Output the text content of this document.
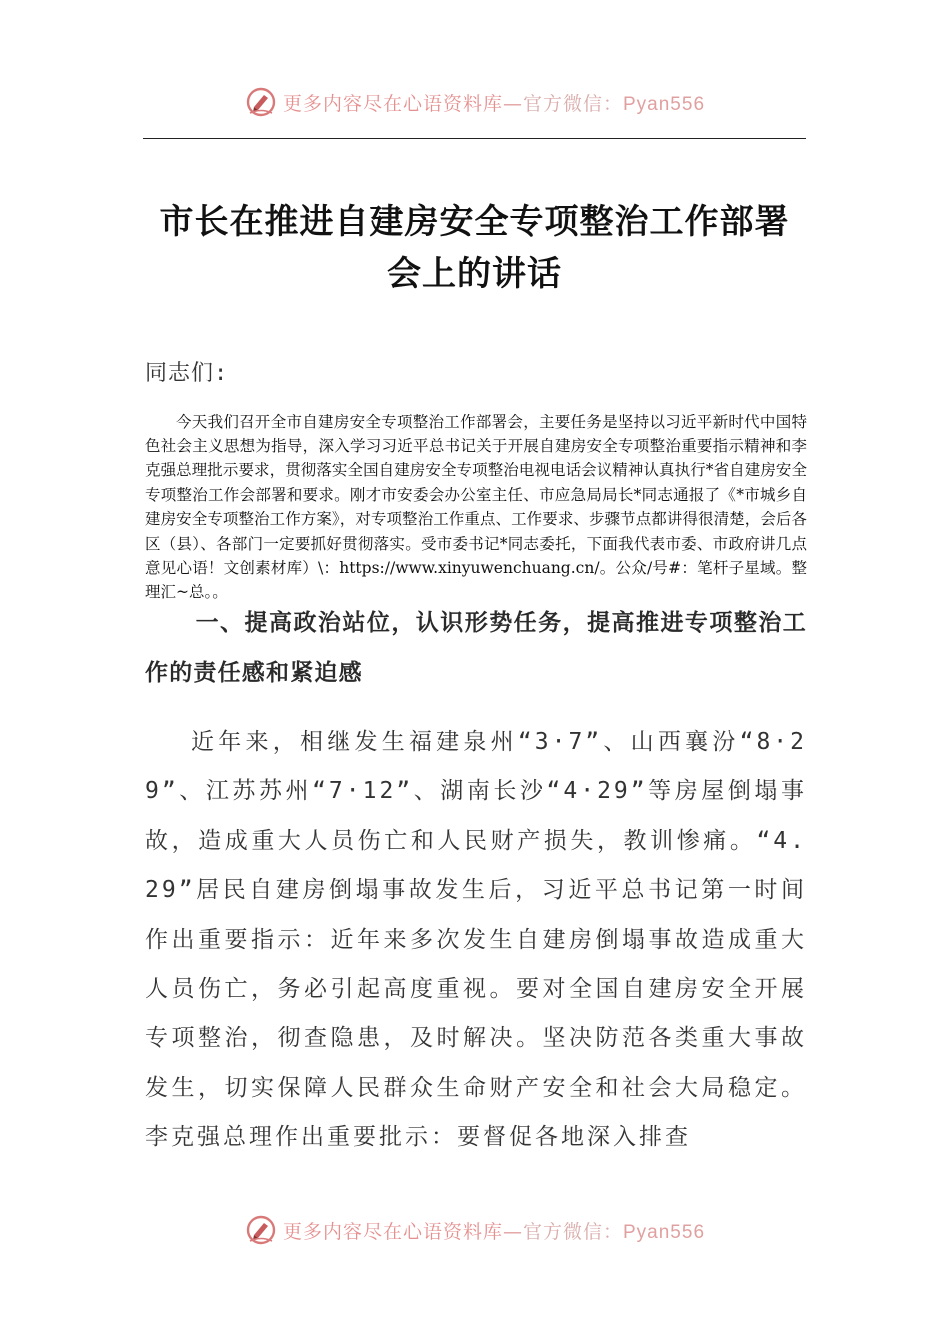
更多内容尽在心语资料库—官方微信：Pyan556
市长在推进自建房安全专项整治工作部署
会上的讲话
同志们:

今天我们召开全市自建房安全专项整治工作部署会，主要任务是坚持以习近平新时代中国特色社会主义思想为指导，深入学习习近平总书记关于开展自建房安全专项整治重要指示精神和李克强总理批示要求，贯彻落实全国自建房安全专项整治电视电话会议精神认真执行*省自建房安全专项整治工作会部署和要求。刚才市安委会办公室主任、市应急局局长*同志通报了《*市城乡自建房安全专项整治工作方案》，对专项整治工作重点、工作要求、步骤节点都讲得很清楚，会后各区（县）、各部门一定要抓好贯彻落实。受市委书记*同志委托，下面我代表市委、市政府讲几点意见心语！文创素材库）\：https://www.xinyuwenchuang.cn/。公众/号#：笔杆子星域。整理汇~总。。

一、提高政治站位，认识形势任务，提高推进专项整治工作的责任感和紧迫感

近年来，相继发生福建泉州“3·7”、山西襄汾“8·29”、江苏苏州“7·12”、湖南长沙“4·29”等房屋倒塌事故，造成重大人员伤亡和人民财产损失，教训惨痛。“4.29”居民自建房倒塌事故发生后，习近平总书记第一时间作出重要指示：近年来多次发生自建房倒塌事故造成重大人员伤亡，务必引起高度重视。要对全国自建房安全开展专项整治，彻查隐患，及时解决。坚决防范各类重大事故发生，切实保障人民群众生命财产安全和社会大局稳定。李克强总理作出重要批示：要督促各地深入排查

更多内容尽在心语资料库—官方微信：Pyan556
